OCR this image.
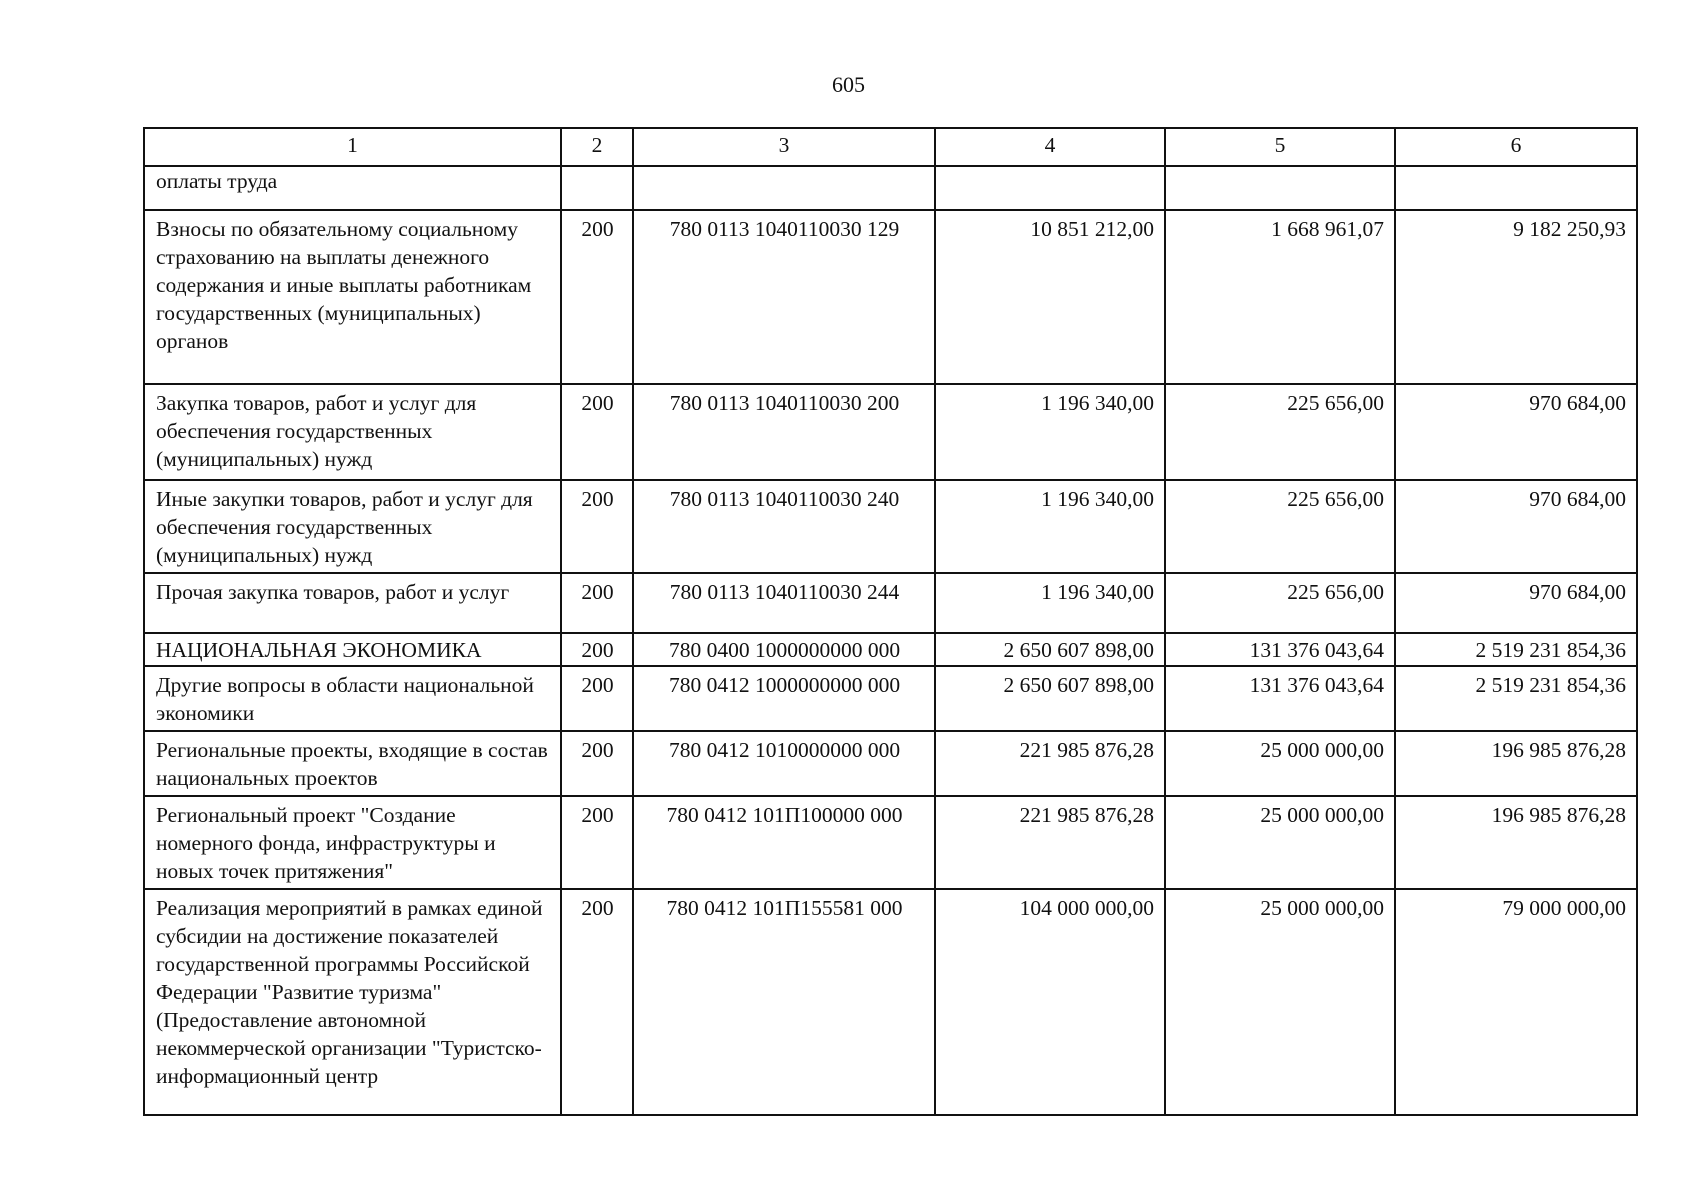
605
1	2	3	4	5	6
оплаты труда					
Взносы по обязательному социальному страхованию на выплаты денежного содержания и иные выплаты работникам государственных (муниципальных) органов	200	780 0113 1040110030 129	10 851 212,00	1 668 961,07	9 182 250,93
Закупка товаров, работ и услуг для обеспечения государственных (муниципальных) нужд	200	780 0113 1040110030 200	1 196 340,00	225 656,00	970 684,00
Иные закупки товаров, работ и услуг для обеспечения государственных (муниципальных) нужд	200	780 0113 1040110030 240	1 196 340,00	225 656,00	970 684,00
Прочая закупка товаров, работ и услуг	200	780 0113 1040110030 244	1 196 340,00	225 656,00	970 684,00
НАЦИОНАЛЬНАЯ ЭКОНОМИКА	200	780 0400 1000000000 000	2 650 607 898,00	131 376 043,64	2 519 231 854,36
Другие вопросы в области национальной экономики	200	780 0412 1000000000 000	2 650 607 898,00	131 376 043,64	2 519 231 854,36
Региональные проекты, входящие в состав национальных проектов	200	780 0412 1010000000 000	221 985 876,28	25 000 000,00	196 985 876,28
Региональный проект "Создание номерного фонда, инфраструктуры и новых точек притяжения"	200	780 0412 101П100000 000	221 985 876,28	25 000 000,00	196 985 876,28
Реализация мероприятий в рамках единой субсидии на достижение показателей государственной программы Российской Федерации "Развитие туризма" (Предоставление автономной некоммерческой организации "Туристско-информационный центр	200	780 0412 101П155581 000	104 000 000,00	25 000 000,00	79 000 000,00
